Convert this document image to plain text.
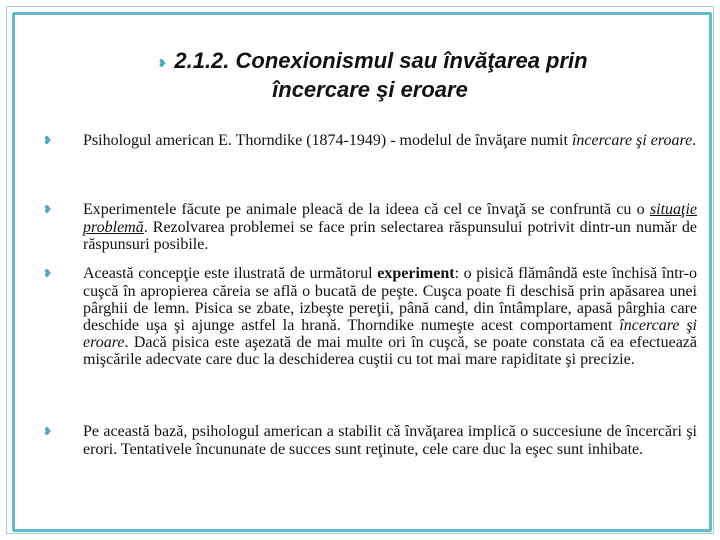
❥ 2.1.2. Conexionismul sau învăţarea prin
încercare şi eroare
❥ Psihologul american E. Thorndike (1874-1949) - modelul de învăţare numit încercare şi eroare.
❥ Experimentele făcute pe animale pleacă de la ideea că cel ce învaţă se confruntă cu o situaţie problemă. Rezolvarea problemei se face prin selectarea răspunsului potrivit dintr-un număr de răspunsuri posibile.
❥ Această concepţie este ilustrată de următorul experiment: o pisică flămândă este închisă într-o cuşcă în apropierea căreia se află o bucată de peşte. Cuşca poate fi deschisă prin apăsarea unei pârghii de lemn. Pisica se zbate, izbeşte pereţii, până cand, din întâmplare, apasă pârghia care deschide uşa şi ajunge astfel la hrană. Thorndike numeşte acest comportament încercare şi eroare. Dacă pisica este aşezată de mai multe ori în cuşcă, se poate constata că ea efectuează mişcările adecvate care duc la deschiderea cuştii cu tot mai mare rapiditate şi precizie.
❥ Pe această bază, psihologul american a stabilit că învăţarea implică o succesiune de încercări şi erori. Tentativele încununate de succes sunt reţinute, cele care duc la eşec sunt inhibate.
